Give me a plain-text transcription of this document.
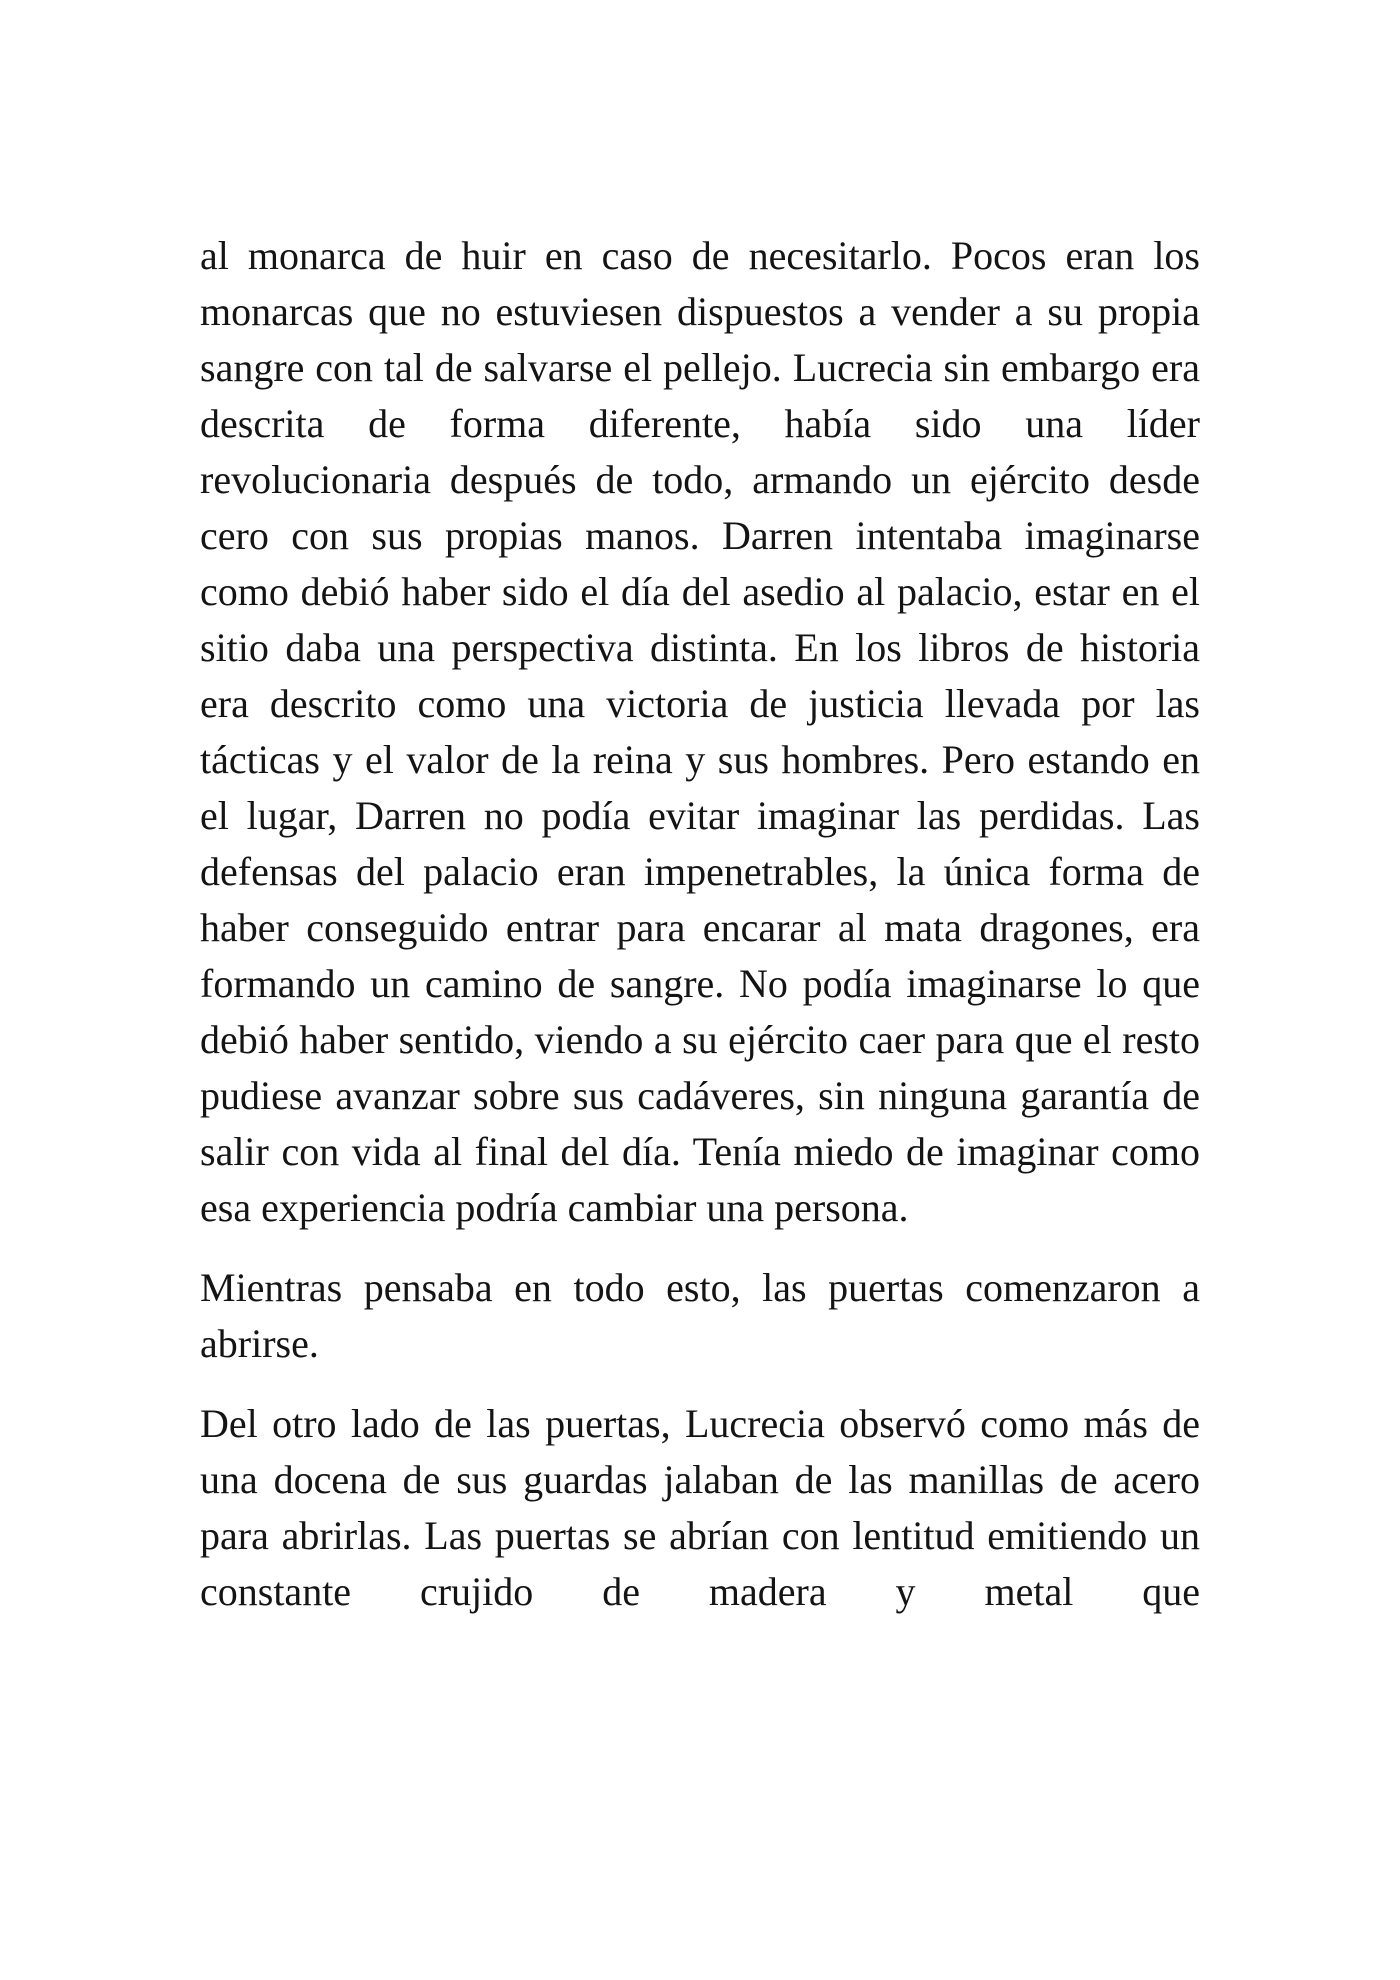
al monarca de huir en caso de necesitarlo. Pocos eran los monarcas que no estuviesen dispuestos a vender a su propia sangre con tal de salvarse el pellejo. Lucrecia sin embargo era descrita de forma diferente, había sido una líder revolucionaria después de todo, armando un ejército desde cero con sus propias manos. Darren intentaba imaginarse como debió haber sido el día del asedio al palacio, estar en el sitio daba una perspectiva distinta. En los libros de historia era descrito como una victoria de justicia llevada por las tácticas y el valor de la reina y sus hombres. Pero estando en el lugar, Darren no podía evitar imaginar las perdidas. Las defensas del palacio eran impenetrables, la única forma de haber conseguido entrar para encarar al mata dragones, era formando un camino de sangre. No podía imaginarse lo que debió haber sentido, viendo a su ejército caer para que el resto pudiese avanzar sobre sus cadáveres, sin ninguna garantía de salir con vida al final del día. Tenía miedo de imaginar como esa experiencia podría cambiar una persona.

Mientras pensaba en todo esto, las puertas comenzaron a abrirse.

Del otro lado de las puertas, Lucrecia observó como más de una docena de sus guardas jalaban de las manillas de acero para abrirlas. Las puertas se abrían con lentitud emitiendo un constante crujido de madera y metal que
